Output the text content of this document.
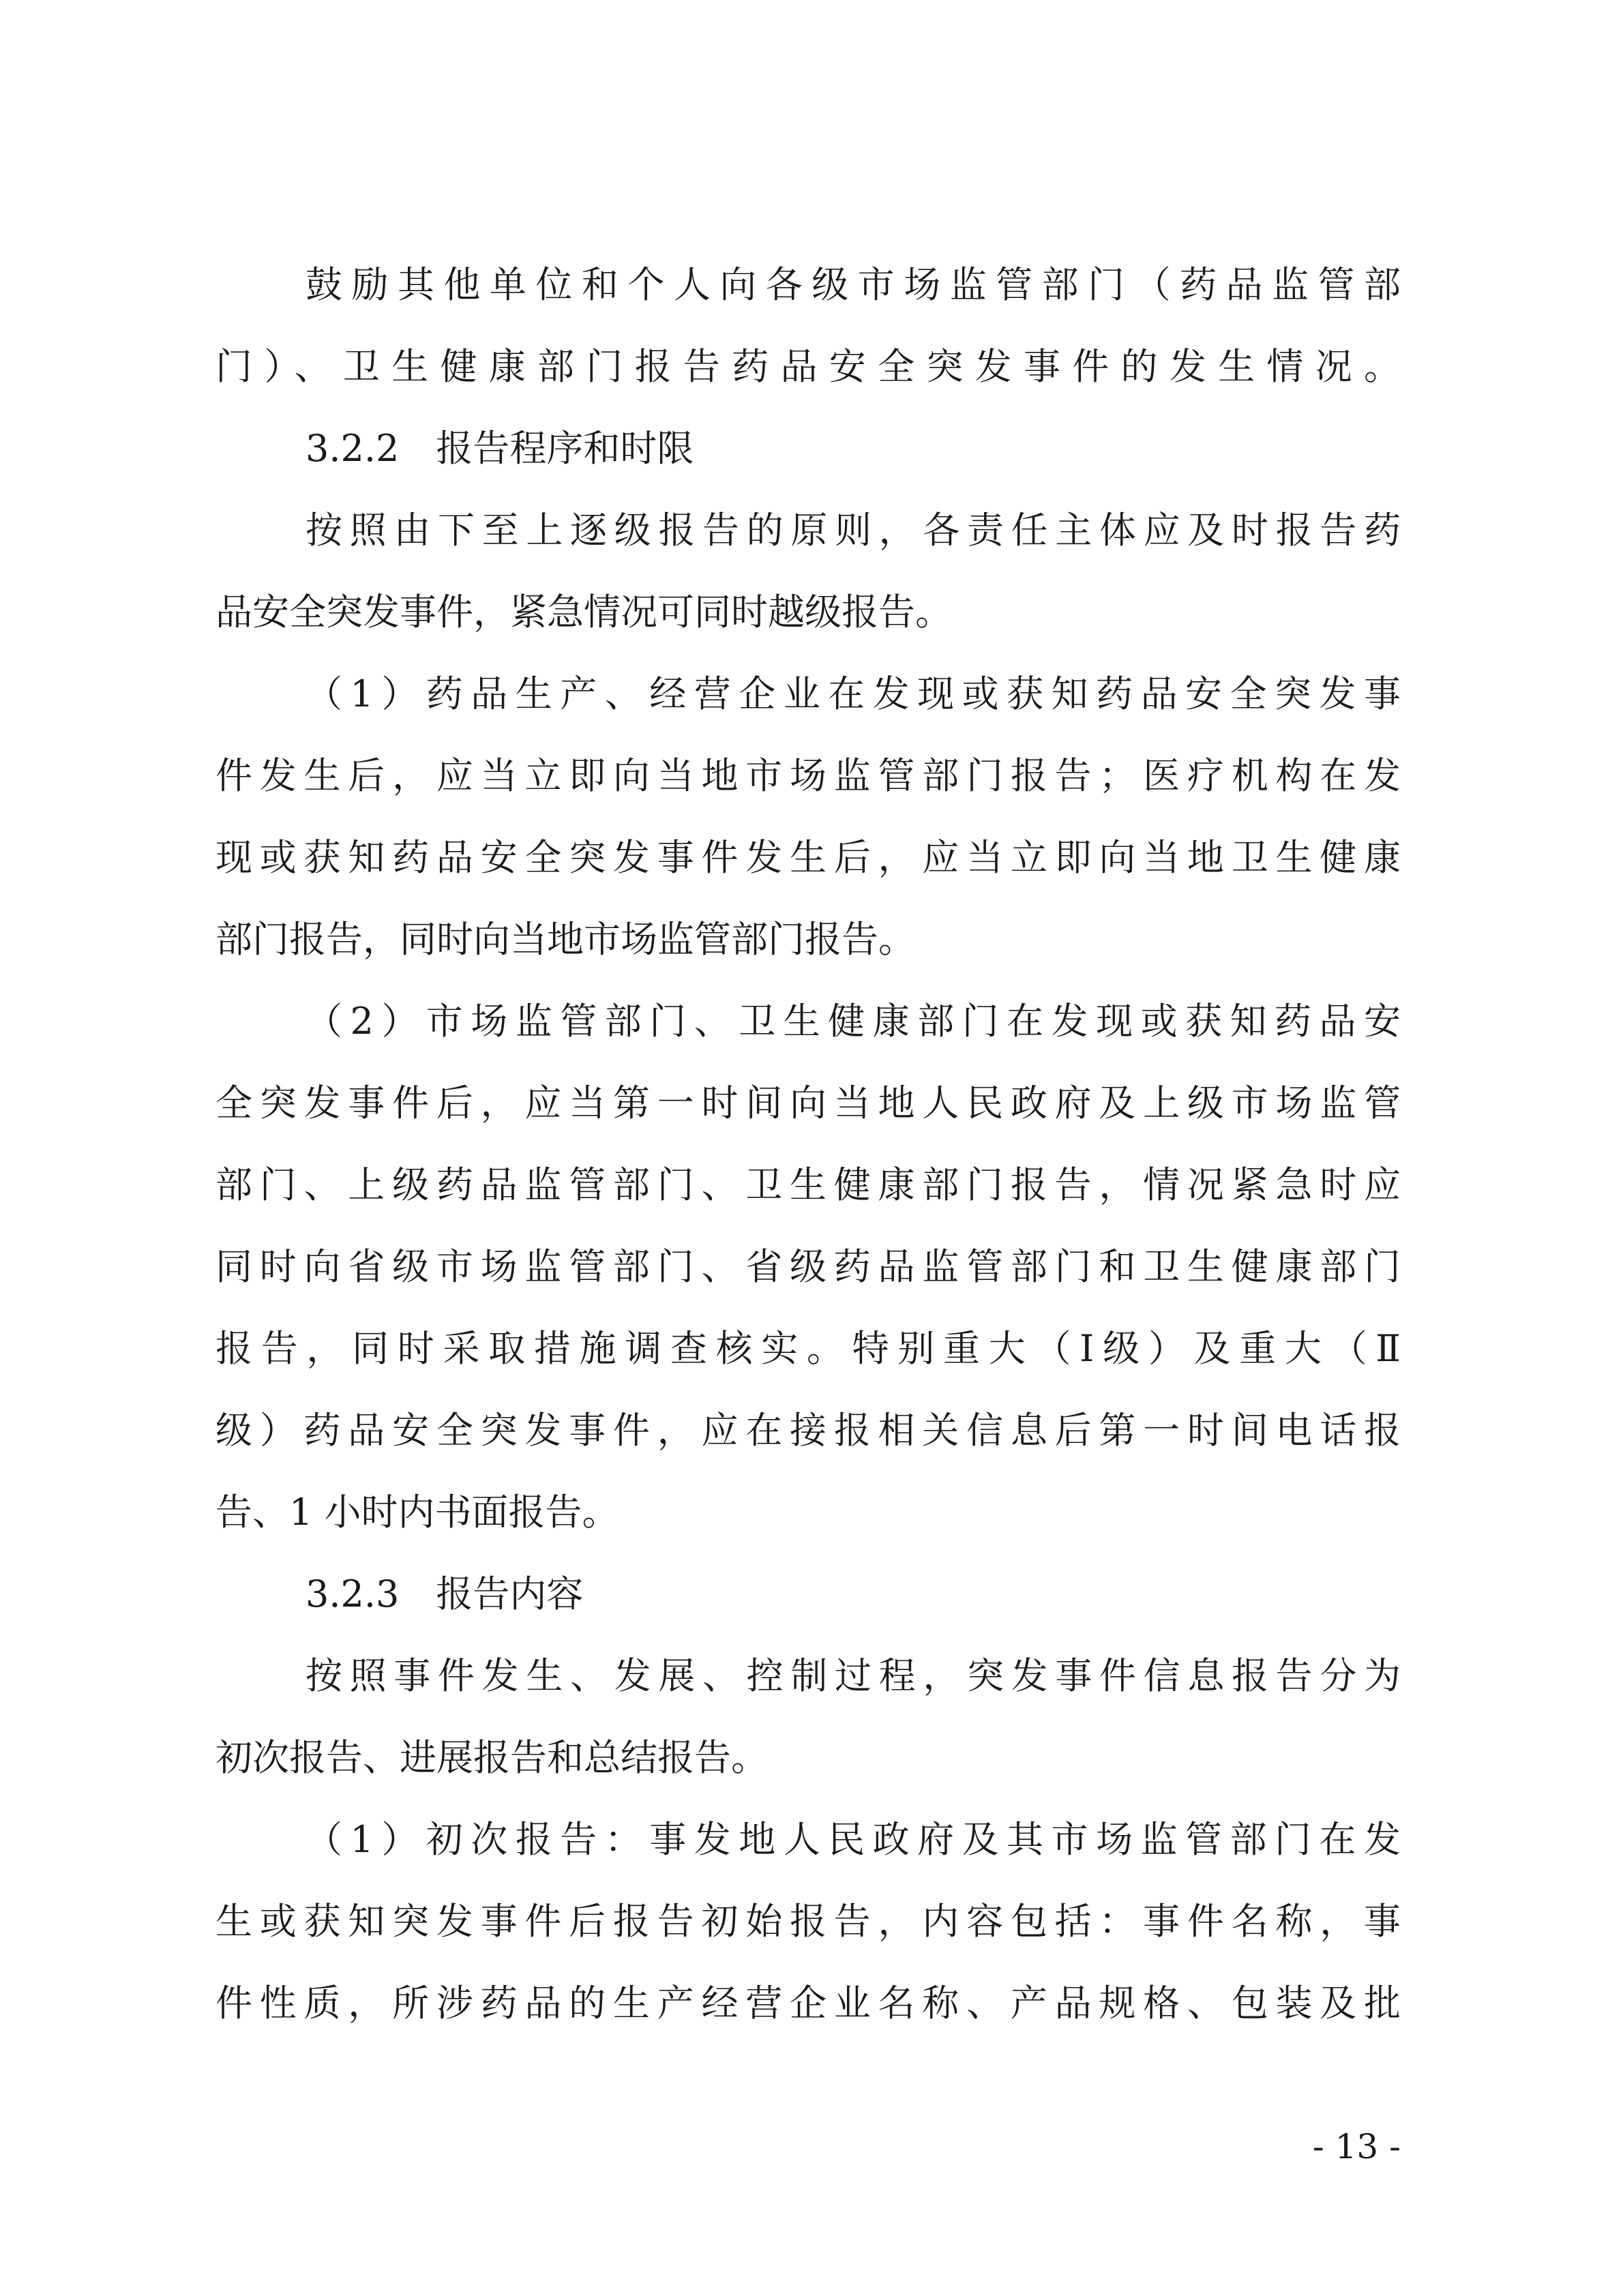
鼓励其他单位和个人向各级市场监管部门（药品监管部
门）、卫生健康部门报告药品安全突发事件的发生情况。
3.2.2　报告程序和时限
按照由下至上逐级报告的原则，各责任主体应及时报告药
品安全突发事件，紧急情况可同时越级报告。
（1）药品生产、经营企业在发现或获知药品安全突发事
件发生后，应当立即向当地市场监管部门报告；医疗机构在发
现或获知药品安全突发事件发生后，应当立即向当地卫生健康
部门报告，同时向当地市场监管部门报告。
（2）市场监管部门、卫生健康部门在发现或获知药品安
全突发事件后，应当第一时间向当地人民政府及上级市场监管
部门、上级药品监管部门、卫生健康部门报告，情况紧急时应
同时向省级市场监管部门、省级药品监管部门和卫生健康部门
报告，同时采取措施调查核实。特别重大（Ⅰ级）及重大（Ⅱ
级）药品安全突发事件，应在接报相关信息后第一时间电话报
告、1 小时内书面报告。
3.2.3　报告内容
按照事件发生、发展、控制过程，突发事件信息报告分为
初次报告、进展报告和总结报告。
（1）初次报告：事发地人民政府及其市场监管部门在发
生或获知突发事件后报告初始报告，内容包括：事件名称，事
件性质，所涉药品的生产经营企业名称、产品规格、包装及批
- 13 -
